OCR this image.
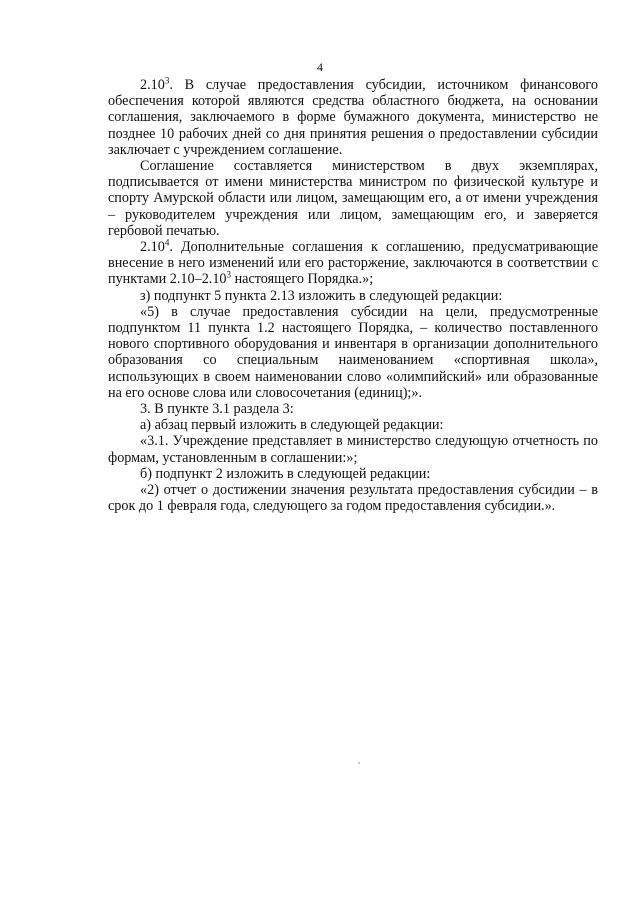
4

2.10$^3$. В случае предоставления субсидии, источником финансового обеспечения которой являются средства областного бюджета, на основании соглашения, заключаемого в форме бумажного документа, министерство не позднее 10 рабочих дней со дня принятия решения о предоставлении субсидии заключает с учреждением соглашение.

Соглашение составляется министерством в двух экземплярах, подписывается от имени министерства министром по физической культуре и спорту Амурской области или лицом, замещающим его, а от имени учреждения – руководителем учреждения или лицом, замещающим его, и заверяется гербовой печатью.

2.10$^4$. Дополнительные соглашения к соглашению, предусматривающие внесение в него изменений или его расторжение, заключаются в соответствии с пунктами 2.10–2.10$^3$ настоящего Порядка.»;

з) подпункт 5 пункта 2.13 изложить в следующей редакции:

«5) в случае предоставления субсидии на цели, предусмотренные подпунктом 11 пункта 1.2 настоящего Порядка, – количество поставленного нового спортивного оборудования и инвентаря в организации дополнительного образования со специальным наименованием «спортивная школа», использующих в своем наименовании слово «олимпийский» или образованные на его основе слова или словосочетания (единиц);».

3. В пункте 3.1 раздела 3:

а) абзац первый изложить в следующей редакции:

«3.1. Учреждение представляет в министерство следующую отчетность по формам, установленным в соглашении:»;

б) подпункт 2 изложить в следующей редакции:

«2) отчет о достижении значения результата предоставления субсидии – в срок до 1 февраля года, следующего за годом предоставления субсидии.».
